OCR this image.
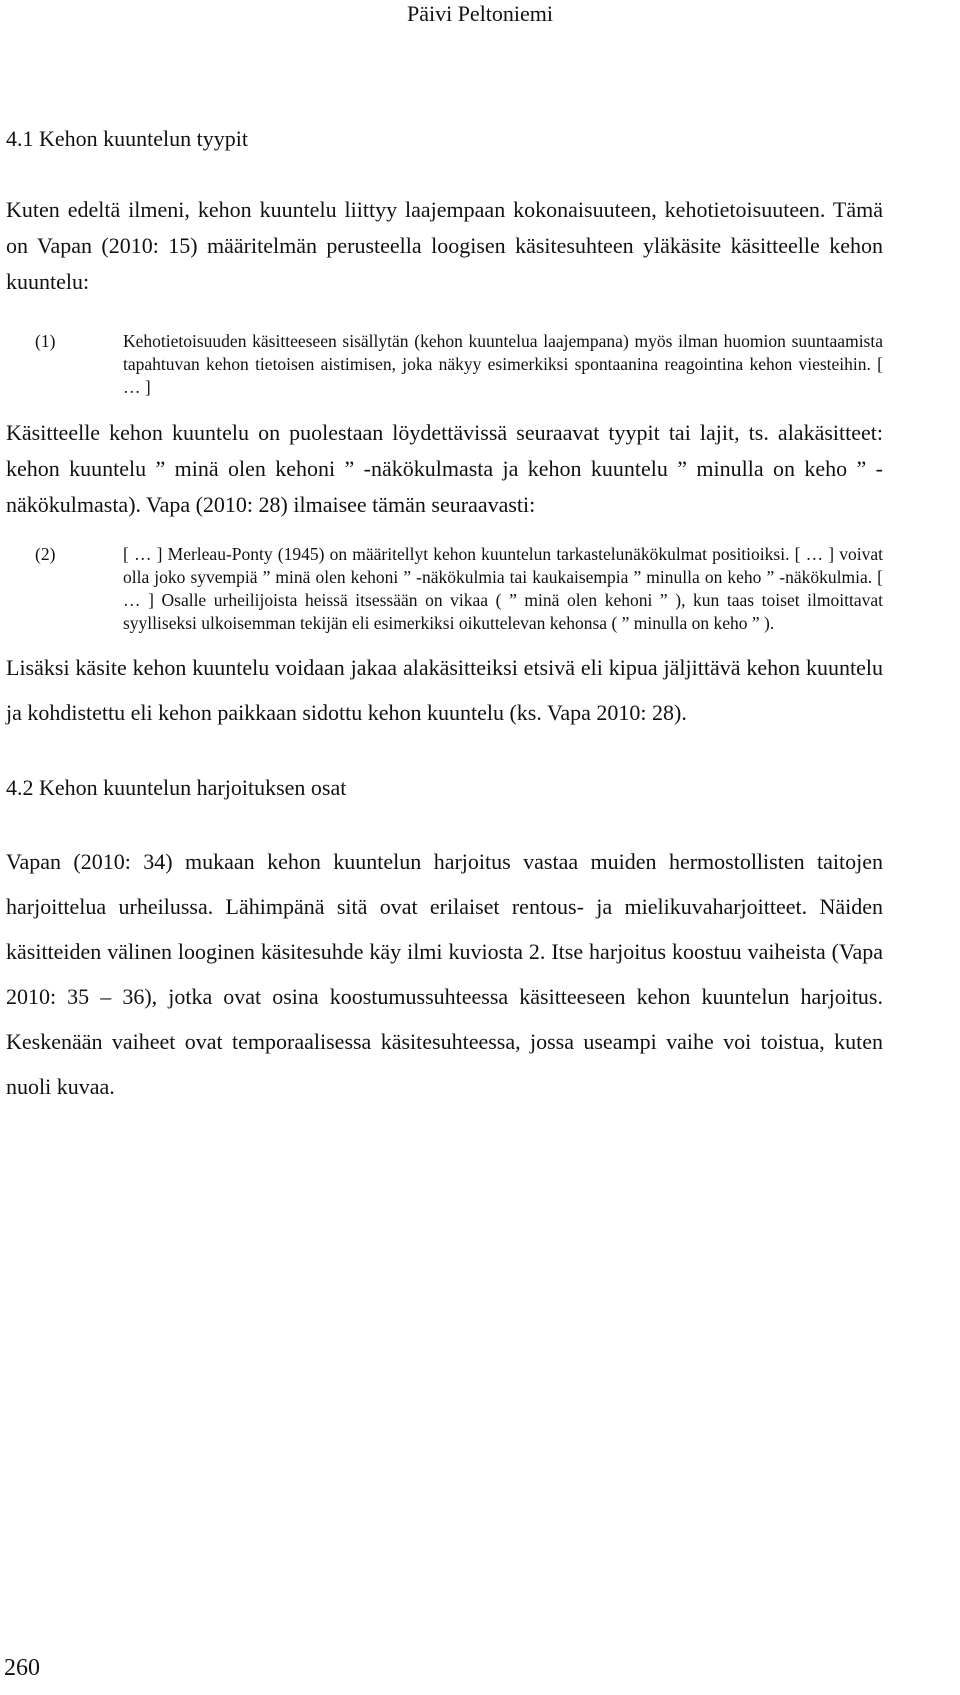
Päivi Peltoniemi
4.1 Kehon kuuntelun tyypit

Kuten edeltä ilmeni, kehon kuuntelu liittyy laajempaan kokonaisuuteen, kehotietoisuuteen. Tämä on Vapan (2010: 15) määritelmän perusteella loogisen käsitesuhteen yläkäsite käsitteelle kehon kuuntelu:

(1)	Kehotietoisuuden käsitteeseen sisällytän (kehon kuuntelua laajempana) myös ilman huomion suuntaamista tapahtuvan kehon tietoisen aistimisen, joka näkyy esimerkiksi spontaanina reagointina kehon viesteihin. [ … ]

Käsitteelle kehon kuuntelu on puolestaan löydettävissä seuraavat tyypit tai lajit, ts. alakäsitteet: kehon kuuntelu ” minä olen kehoni ” -näkökulmasta ja kehon kuuntelu ” minulla on keho ” -näkökulmasta). Vapa (2010: 28) ilmaisee tämän seuraavasti:

(2)	[ … ] Merleau-Ponty (1945) on määritellyt kehon kuuntelun tarkastelunäkökulmat positioiksi. [ … ] voivat olla joko syvempiä ” minä olen kehoni ” -näkökulmia tai kaukaisempia ” minulla on keho ” -näkökulmia. [ … ] Osalle urheilijoista heissä itsessään on vikaa ( ” minä olen kehoni ” ), kun taas toiset ilmoittavat syylliseksi ulkoisemman tekijän eli esimerkiksi oikuttelevan kehonsa ( ” minulla on keho ” ).

Lisäksi käsite kehon kuuntelu voidaan jakaa alakäsitteiksi etsivä eli kipua jäljittävä kehon kuuntelu ja kohdistettu eli kehon paikkaan sidottu kehon kuuntelu (ks. Vapa 2010: 28).

4.2 Kehon kuuntelun harjoituksen osat

Vapan (2010: 34) mukaan kehon kuuntelun harjoitus vastaa muiden hermostollisten taitojen harjoittelua urheilussa. Lähimpänä sitä ovat erilaiset rentous- ja mielikuvaharjoitteet. Näiden käsitteiden välinen looginen käsitesuhde käy ilmi kuviosta 2. Itse harjoitus koostuu vaiheista (Vapa 2010: 35 – 36), jotka ovat osina koostumussuhteessa käsitteeseen kehon kuuntelun harjoitus. Keskenään vaiheet ovat temporaalisessa käsitesuhteessa, jossa useampi vaihe voi toistua, kuten nuoli kuvaa.

260
